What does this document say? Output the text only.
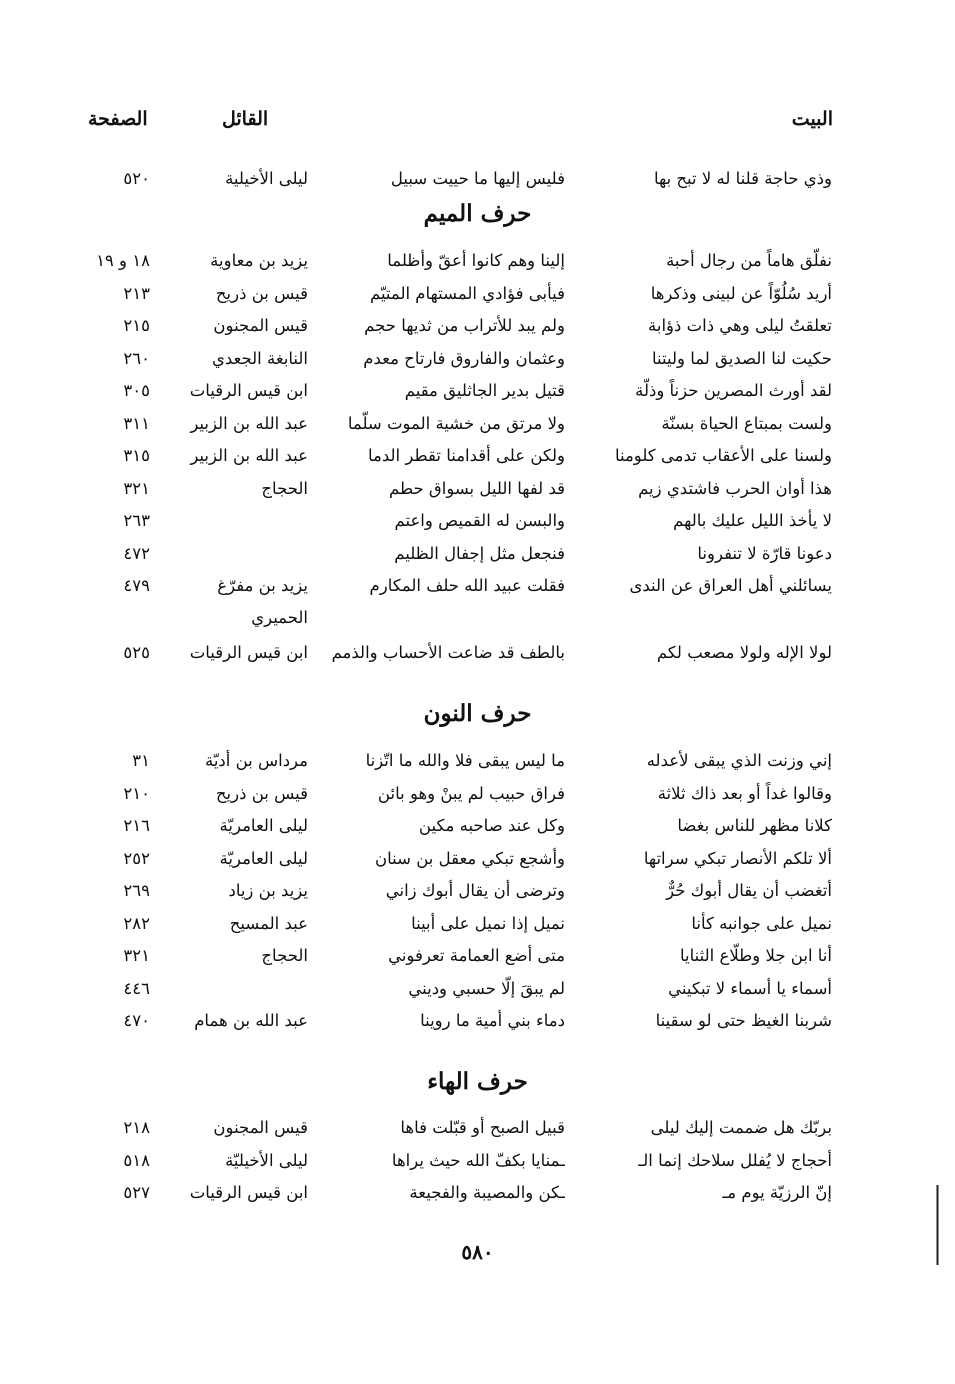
البيت
القائل
الصفحة
وذي حاجة قلنا له لا تبح بها
فليس إليها ما حييت سبيل
ليلى الأخيلية
٥٢٠
حرف الميم
نفلّق هاماً من رجال أحبة
إلينا وهم كانوا أعقّ وأظلما
يزيد بن معاوية
١٨ و ١٩
أريد سُلُوّاً عن لبينى وذكرها
فيأبى فؤادي المستهام المتيّم
قيس بن ذريح
٢١٣
تعلقتُ ليلى وهي ذات ذؤابة
ولم يبد للأتراب من ثديها حجم
قيس المجنون
٢١٥
حكيت لنا الصديق لما وليتنا
وعثمان والفاروق فارتاح معدم
النابغة الجعدي
٢٦٠
لقد أورث المصرين حزناً وذلّة
قتيل بدير الجاثليق مقيم
ابن قيس الرقيات
٣٠٥
ولست بمبتاع الحياة بسنّة
ولا مرتق من خشية الموت سلّما
عبد الله بن الزبير
٣١١
ولسنا على الأعقاب تدمى كلومنا
ولكن على أقدامنا تقطر الدما
عبد الله بن الزبير
٣١٥
هذا أوان الحرب فاشتدي زيم
قد لفها الليل بسواق حطم
الحجاج
٣٢١
لا يأخذ الليل عليك بالهم
والبسن له القميص واعتم
٢٦٣
دعونا قارّة لا تنفرونا
فنجعل مثل إجفال الظليم
٤٧٢
يسائلني أهل العراق عن الندى
فقلت عبيد الله حلف المكارم
يزيد بن مفرّغ
الحميري
٤٧٩
لولا الإله ولولا مصعب لكم
بالطف قد ضاعت الأحساب والذمم
ابن قيس الرقيات
٥٢٥
حرف النون
إني وزنت الذي يبقى لأعدله
ما ليس يبقى فلا والله ما اتّزنا
مرداس بن أديّة
٣١
وقالوا غداً أو بعد ذاك ثلاثة
فراق حبيب لم يبنْ وهو بائن
قيس بن ذريح
٢١٠
كلانا مظهر للناس بغضا
وكل عند صاحبه مكين
ليلى العامريّة
٢١٦
ألا تلكم الأنصار تبكي سراتها
وأشجع تبكي معقل بن سنان
ليلى العامريّة
٢٥٢
أتغضب أن يقال أبوك حُرٌّ
وترضى أن يقال أبوك زاني
يزيد بن زياد
٢٦٩
نميل على جوانبه كأنا
نميل إذا نميل على أبينا
عبد المسيح
٢٨٢
أنا ابن جلا وطلّاع الثنايا
متى أضع العمامة تعرفوني
الحجاج
٣٢١
أسماء يا أسماء لا تبكيني
لم يبقَ إلّا حسبي وديني
٤٤٦
شربنا الغيظ حتى لو سقينا
دماء بني أمية ما روينا
عبد الله بن همام
٤٧٠
حرف الهاء
بربّك هل ضممت إليك ليلى
قبيل الصبح أو قبّلت فاها
قيس المجنون
٢١٨
أحجاج لا يُفلل سلاحك إنما الـ
ـمنايا بكفّ الله حيث يراها
ليلى الأخيليّة
٥١٨
إنّ الرزيّة يوم مـ
ـكن والمصيبة والفجيعة
ابن قيس الرقيات
٥٢٧
٥٨٠
